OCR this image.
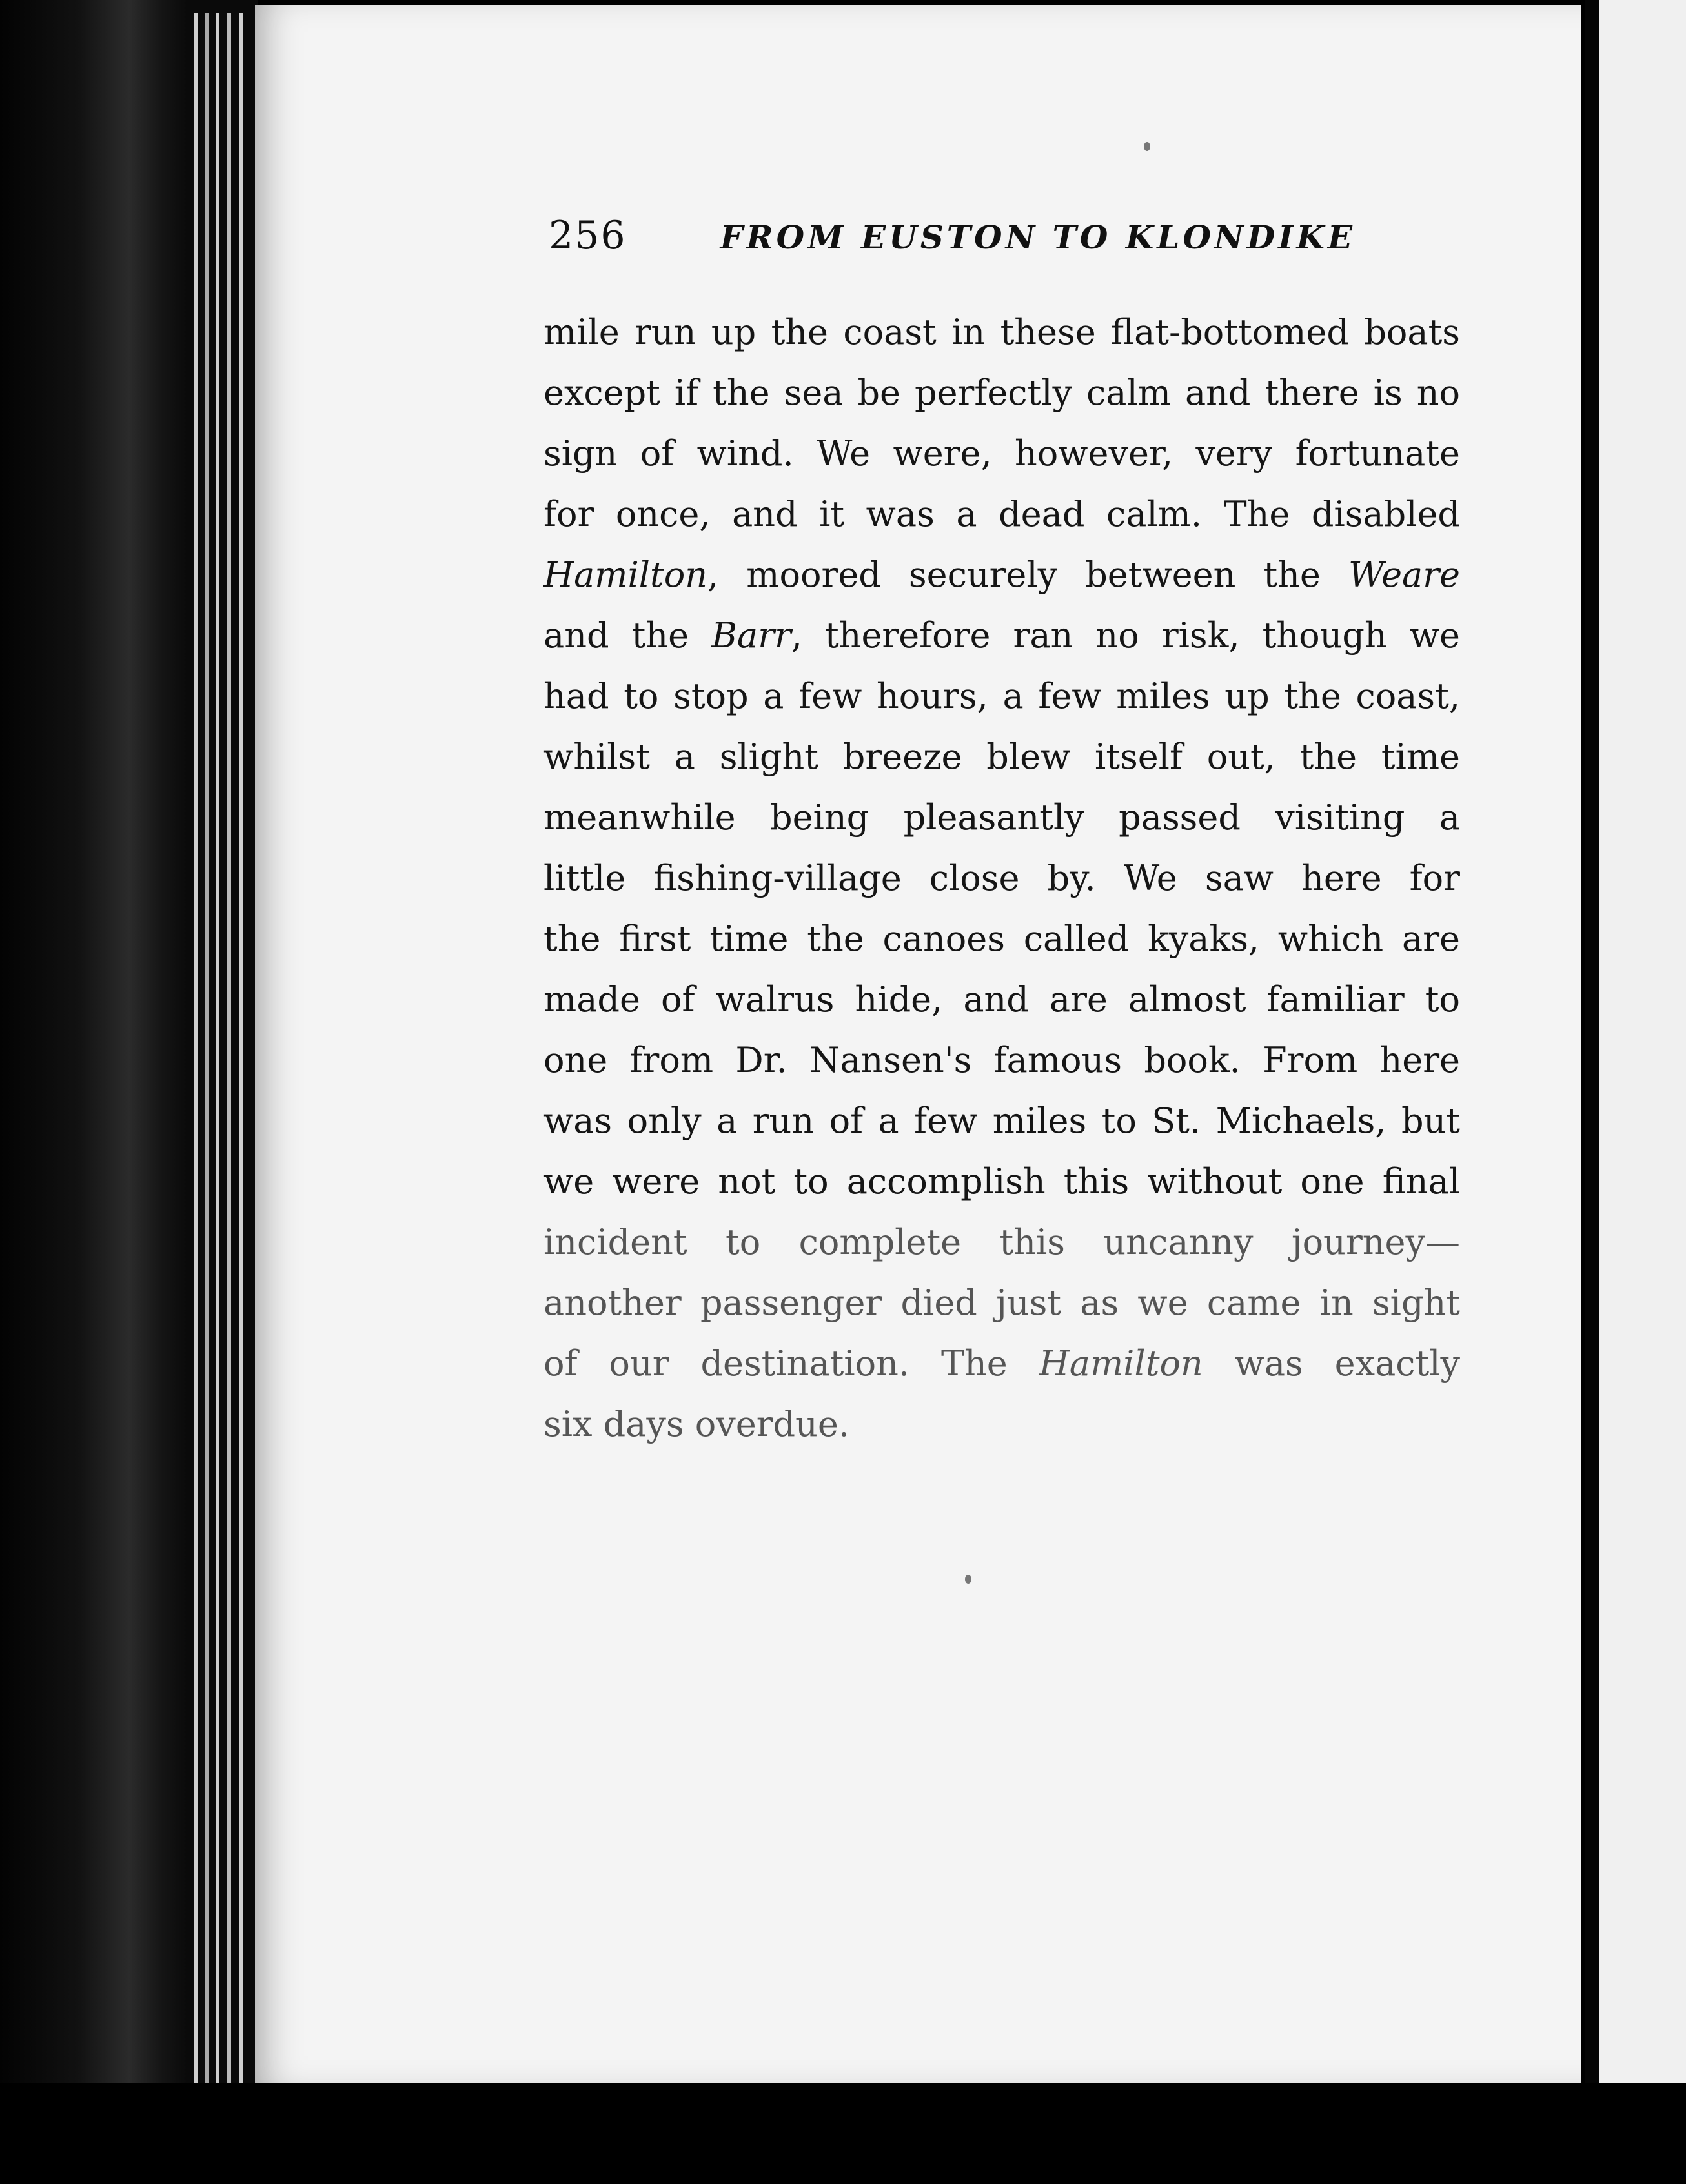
256	FROM EUSTON TO KLONDIKE
mile run up the coast in these flat-bottomed boats
except if the sea be perfectly calm and there is no
sign of wind. We were, however, very fortunate
for once, and it was a dead calm. The disabled
Hamilton, moored securely between the Weare
and the Barr, therefore ran no risk, though we
had to stop a few hours, a few miles up the coast,
whilst a slight breeze blew itself out, the time
meanwhile being pleasantly passed visiting a
little fishing-village close by. We saw here for
the first time the canoes called kyaks, which are
made of walrus hide, and are almost familiar to
one from Dr. Nansen's famous book. From here
was only a run of a few miles to St. Michaels, but
we were not to accomplish this without one final
incident to complete this uncanny journey—
another passenger died just as we came in sight
of our destination. The Hamilton was exactly
six days overdue.
